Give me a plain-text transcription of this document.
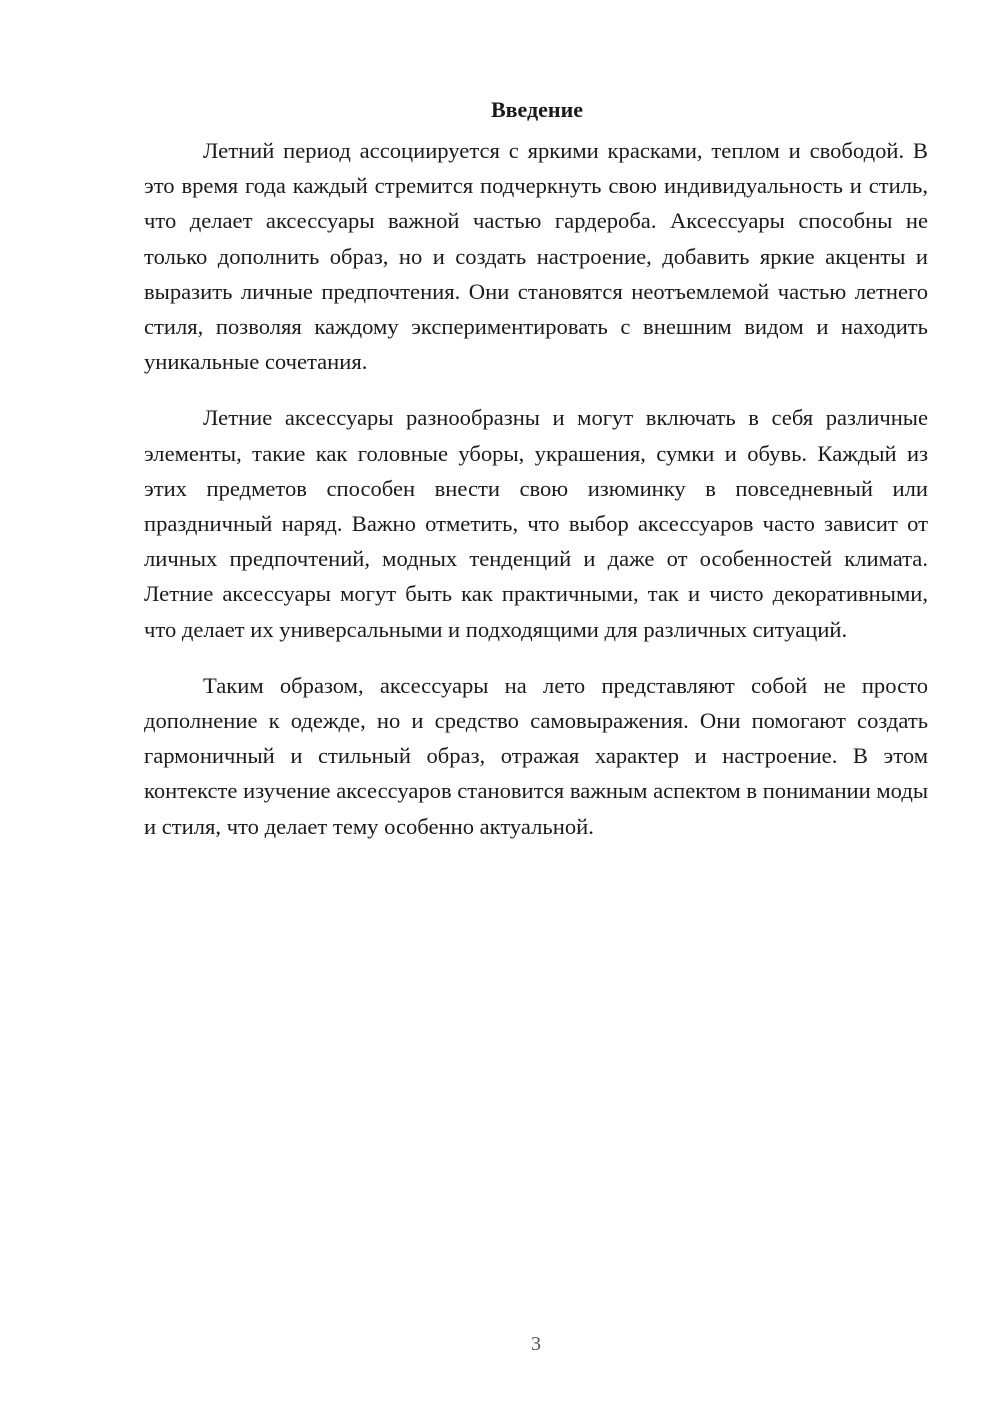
Введение

Летний период ассоциируется с яркими красками, теплом и свободой. В это время года каждый стремится подчеркнуть свою индивидуальность и стиль, что делает аксессуары важной частью гардероба. Аксессуары способны не только дополнить образ, но и создать настроение, добавить яркие акценты и выразить личные предпочтения. Они становятся неотъемлемой частью летнего стиля, позволяя каждому экспериментировать с внешним видом и находить уникальные сочетания.

Летние аксессуары разнообразны и могут включать в себя различные элементы, такие как головные уборы, украшения, сумки и обувь. Каждый из этих предметов способен внести свою изюминку в повседневный или праздничный наряд. Важно отметить, что выбор аксессуаров часто зависит от личных предпочтений, модных тенденций и даже от особенностей климата. Летние аксессуары могут быть как практичными, так и чисто декоративными, что делает их универсальными и подходящими для различных ситуаций.

Таким образом, аксессуары на лето представляют собой не просто дополнение к одежде, но и средство самовыражения. Они помогают создать гармоничный и стильный образ, отражая характер и настроение. В этом контексте изучение аксессуаров становится важным аспектом в понимании моды и стиля, что делает тему особенно актуальной.

3
